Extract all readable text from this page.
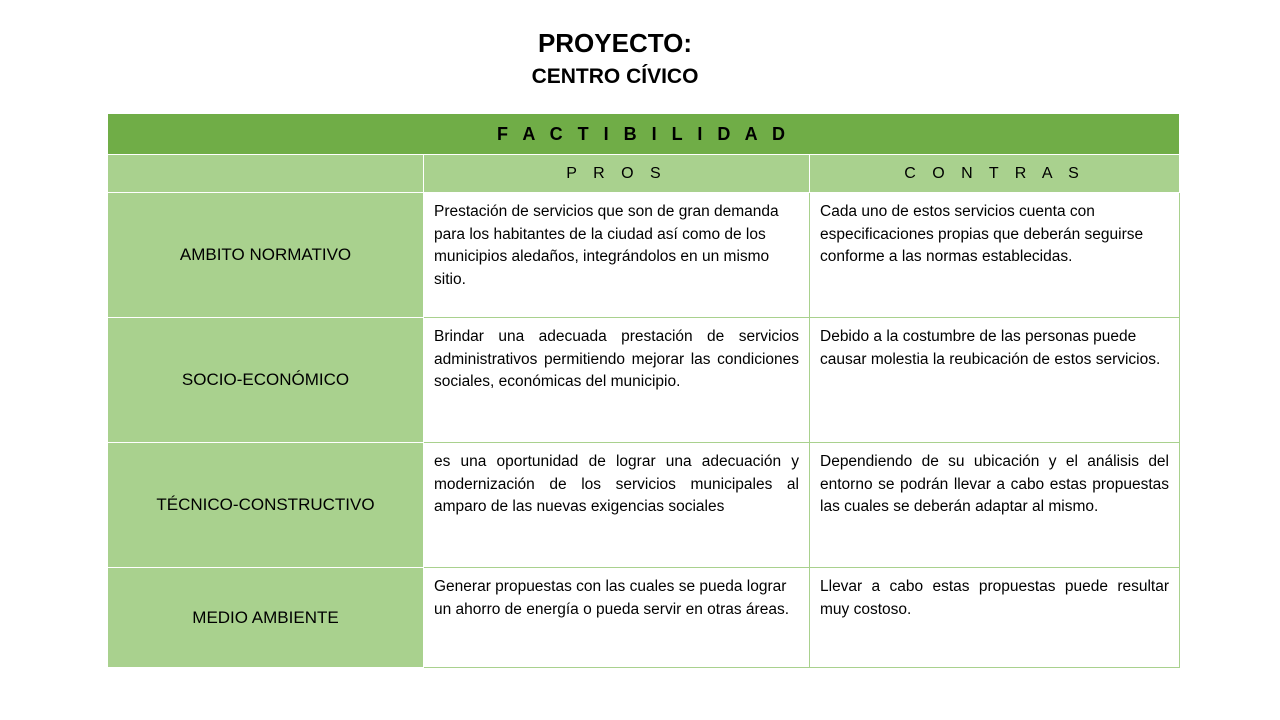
PROYECTO:
CENTRO CÍVICO
F A C T I B I L I D A D		
	P R O S	C O N T R A S
AMBITO NORMATIVO	Prestación de servicios que son de gran demanda para los habitantes de la ciudad así como de los municipios aledaños, integrándolos en un mismo sitio.	Cada uno de estos servicios cuenta con especificaciones propias que deberán seguirse conforme a las normas establecidas.
SOCIO-ECONÓMICO	Brindar una adecuada prestación de servicios administrativos permitiendo mejorar las condiciones sociales, económicas del municipio.	Debido a la costumbre de las personas puede causar molestia la reubicación de estos servicios.
TÉCNICO-CONSTRUCTIVO	es una oportunidad de lograr una adecuación y modernización de los servicios municipales al amparo de las nuevas exigencias sociales	Dependiendo de su ubicación y el análisis del entorno se podrán llevar a cabo estas propuestas las cuales se deberán adaptar al mismo.
MEDIO AMBIENTE	Generar propuestas con las cuales se pueda lograr un ahorro de energía o pueda servir en otras áreas.	Llevar a cabo estas propuestas puede resultar muy costoso.
